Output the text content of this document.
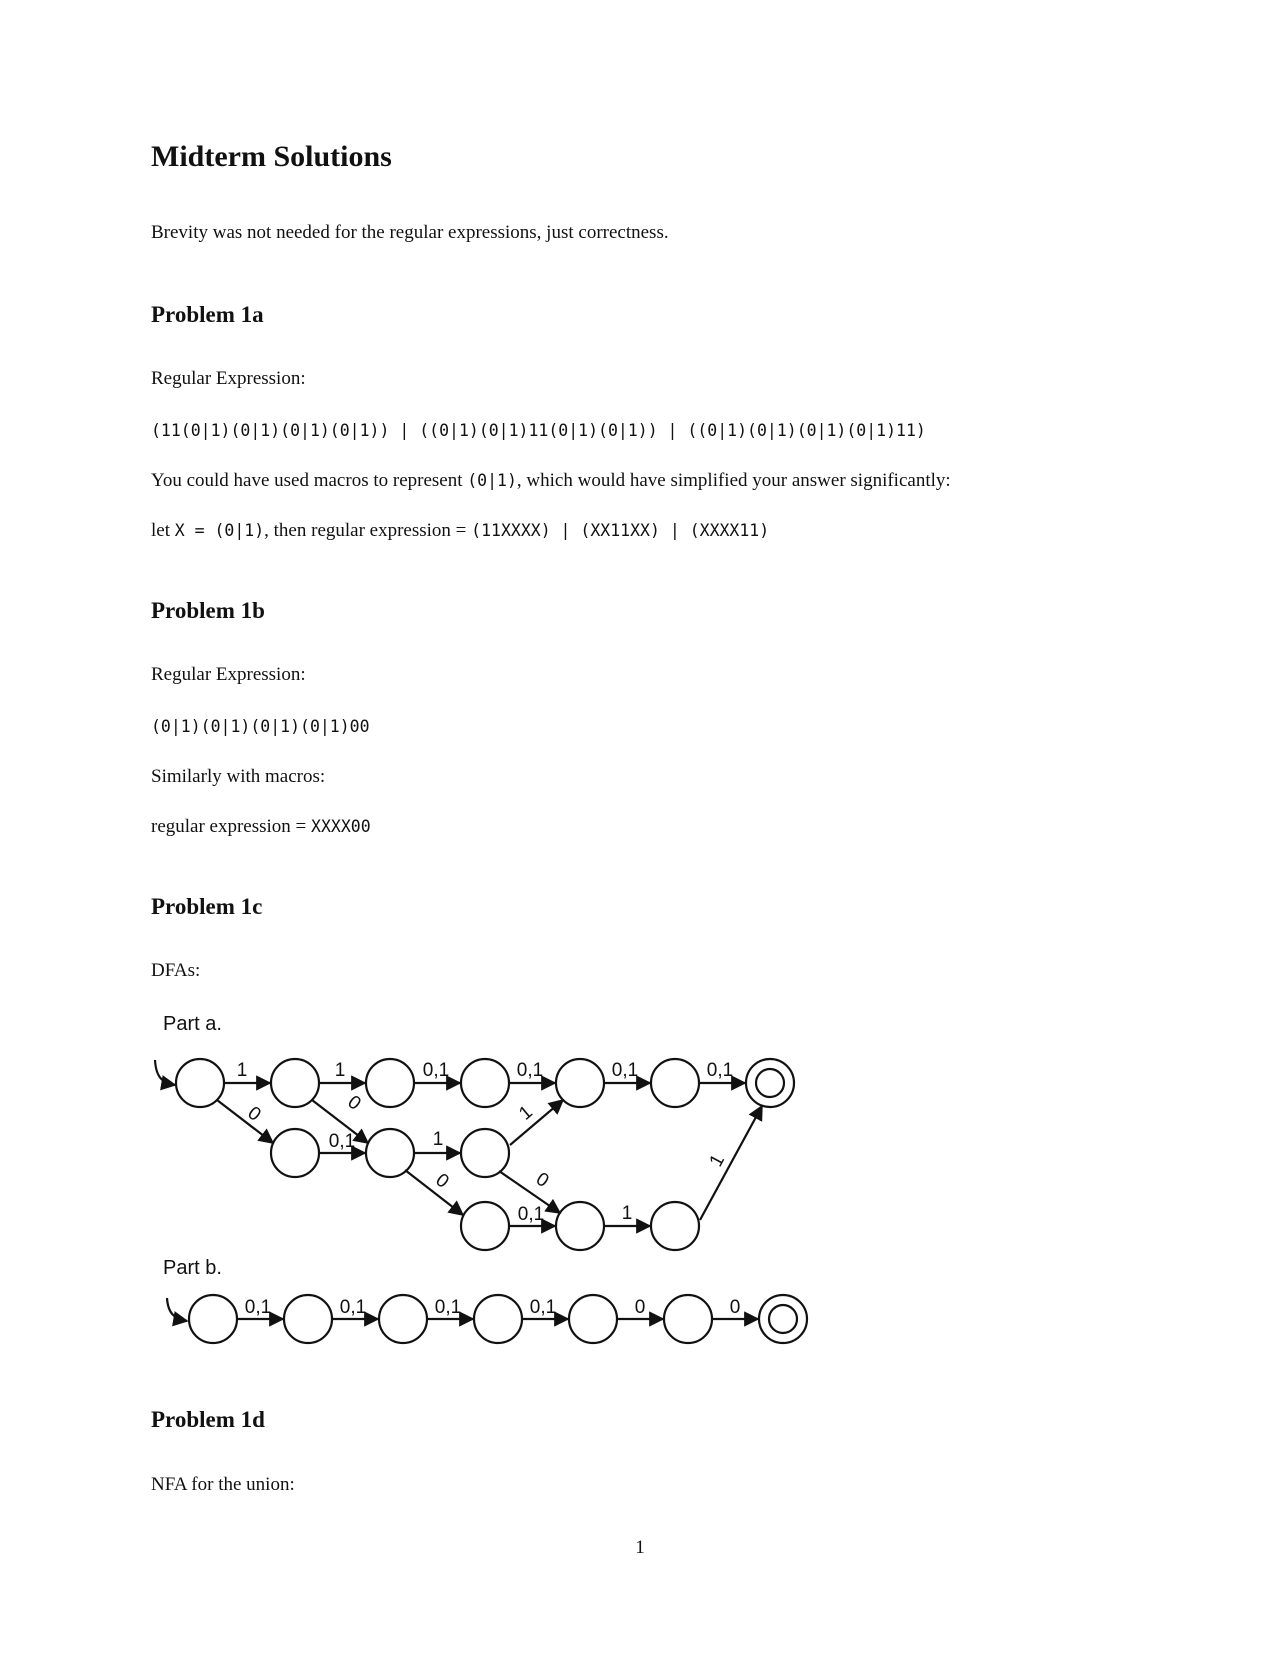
Midterm Solutions
Brevity was not needed for the regular expressions, just correctness.
Problem 1a
Regular Expression:
(11(0|1)(0|1)(0|1)(0|1)) | ((0|1)(0|1)11(0|1)(0|1)) | ((0|1)(0|1)(0|1)(0|1)11)
You could have used macros to represent (0|1), which would have simplified your answer significantly:
let X = (0|1), then regular expression = (11XXXX) | (XX11XX) | (XXXX11)
Problem 1b
Regular Expression:
(0|1)(0|1)(0|1)(0|1)00
Similarly with macros:
regular expression = XXXX00
Problem 1c
DFAs:
Part a.
Part b.
1	1	0,1	0,1	0,1	0,1
0	0
0,1	1
0
1
0
0,1	1
1
0,1	0,1	0,1	0,1	0	0
Problem 1d
NFA for the union:
1
